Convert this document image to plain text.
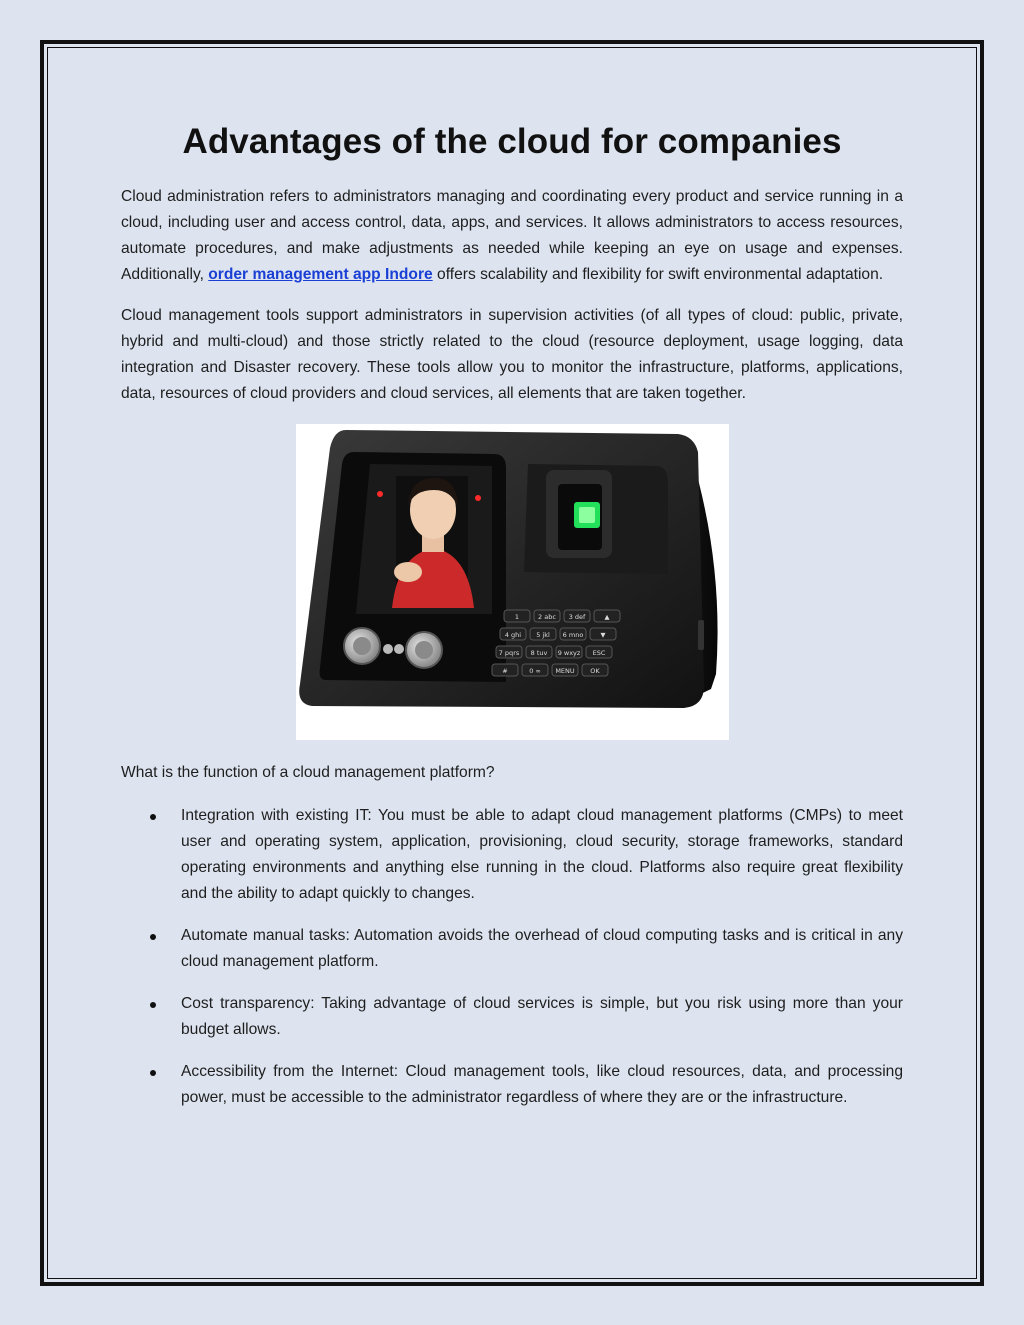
Advantages of the cloud for companies

Cloud administration refers to administrators managing and coordinating every product and service running in a cloud, including user and access control, data, apps, and services. It allows administrators to access resources, automate procedures, and make adjustments as needed while keeping an eye on usage and expenses. Additionally, order management app Indore offers scalability and flexibility for swift environmental adaptation.

Cloud management tools support administrators in supervision activities (of all types of cloud: public, private, hybrid and multi-cloud) and those strictly related to the cloud (resource deployment, usage logging, data integration and Disaster recovery. These tools allow you to monitor the infrastructure, platforms, applications, data, resources of cloud providers and cloud services, all elements that are taken together.

1	2 abc 3 def	▲
4 ghi 5 jkl 6 mno	▼
7 pqrs 8 tuv 9 wxyz ESC
#	0 ∞ MENU OK

What is the function of a cloud management platform?

Integration with existing IT: You must be able to adapt cloud management platforms (CMPs) to meet user and operating system, application, provisioning, cloud security, storage frameworks, standard operating environments and anything else running in the cloud. Platforms also require great flexibility and the ability to adapt quickly to changes.
Automate manual tasks: Automation avoids the overhead of cloud computing tasks and is critical in any cloud management platform.
Cost transparency: Taking advantage of cloud services is simple, but you risk using more than your budget allows.
Accessibility from the Internet: Cloud management tools, like cloud resources, data, and processing power, must be accessible to the administrator regardless of where they are or the infrastructure.
